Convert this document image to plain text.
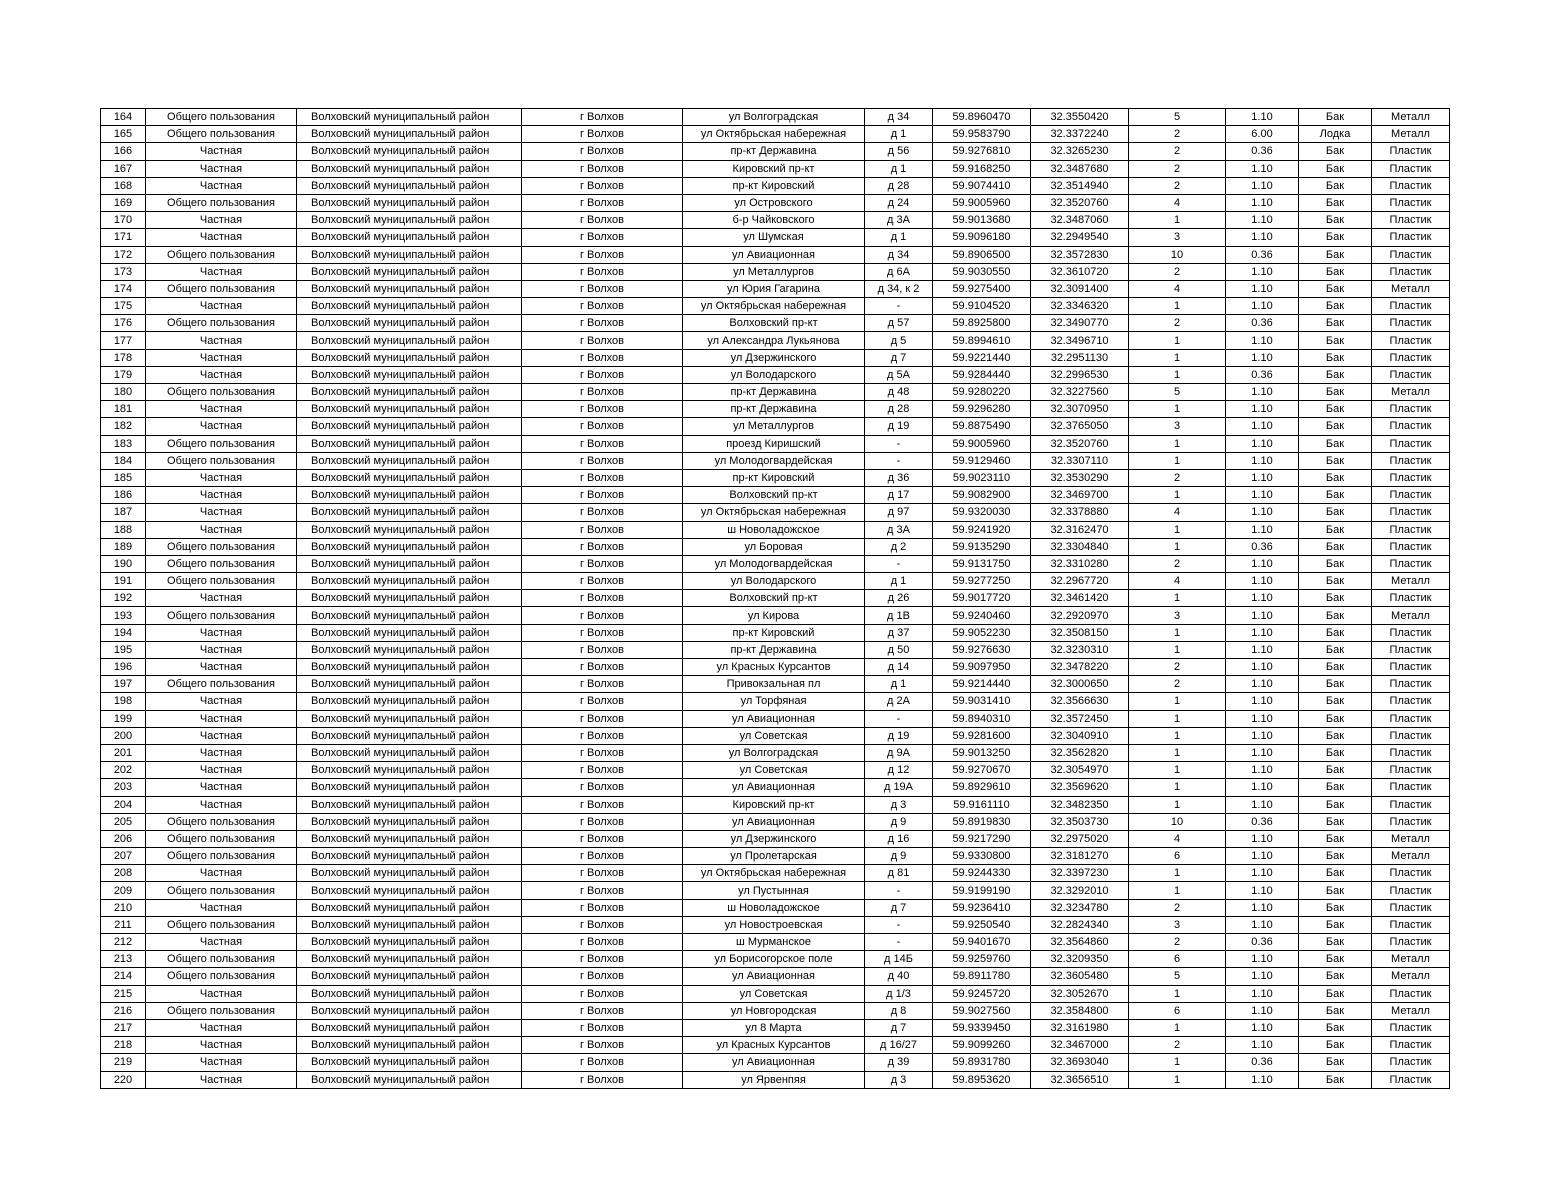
164	Общего пользования	Волховский муниципальный район	г Волхов	ул Волгоградская	д 34	59.8960470	32.3550420	5	1.10	Бак	Металл
165	Общего пользования	Волховский муниципальный район	г Волхов	ул Октябрьская набережная	д 1	59.9583790	32.3372240	2	6.00	Лодка	Металл
166	Частная	Волховский муниципальный район	г Волхов	пр-кт Державина	д 56	59.9276810	32.3265230	2	0.36	Бак	Пластик
167	Частная	Волховский муниципальный район	г Волхов	Кировский пр-кт	д 1	59.9168250	32.3487680	2	1.10	Бак	Пластик
168	Частная	Волховский муниципальный район	г Волхов	пр-кт Кировский	д 28	59.9074410	32.3514940	2	1.10	Бак	Пластик
169	Общего пользования	Волховский муниципальный район	г Волхов	ул Островского	д 24	59.9005960	32.3520760	4	1.10	Бак	Пластик
170	Частная	Волховский муниципальный район	г Волхов	б-р Чайковского	д 3А	59.9013680	32.3487060	1	1.10	Бак	Пластик
171	Частная	Волховский муниципальный район	г Волхов	ул Шумская	д 1	59.9096180	32.2949540	3	1.10	Бак	Пластик
172	Общего пользования	Волховский муниципальный район	г Волхов	ул Авиационная	д 34	59.8906500	32.3572830	10	0.36	Бак	Пластик
173	Частная	Волховский муниципальный район	г Волхов	ул Металлургов	д 6А	59.9030550	32.3610720	2	1.10	Бак	Пластик
174	Общего пользования	Волховский муниципальный район	г Волхов	ул Юрия Гагарина	д 34, к 2	59.9275400	32.3091400	4	1.10	Бак	Металл
175	Частная	Волховский муниципальный район	г Волхов	ул Октябрьская набережная	-	59.9104520	32.3346320	1	1.10	Бак	Пластик
176	Общего пользования	Волховский муниципальный район	г Волхов	Волховский пр-кт	д 57	59.8925800	32.3490770	2	0.36	Бак	Пластик
177	Частная	Волховский муниципальный район	г Волхов	ул Александра Лукьянова	д 5	59.8994610	32.3496710	1	1.10	Бак	Пластик
178	Частная	Волховский муниципальный район	г Волхов	ул Дзержинского	д 7	59.9221440	32.2951130	1	1.10	Бак	Пластик
179	Частная	Волховский муниципальный район	г Волхов	ул Володарского	д 5А	59.9284440	32.2996530	1	0.36	Бак	Пластик
180	Общего пользования	Волховский муниципальный район	г Волхов	пр-кт Державина	д 48	59.9280220	32.3227560	5	1.10	Бак	Металл
181	Частная	Волховский муниципальный район	г Волхов	пр-кт Державина	д 28	59.9296280	32.3070950	1	1.10	Бак	Пластик
182	Частная	Волховский муниципальный район	г Волхов	ул Металлургов	д 19	59.8875490	32.3765050	3	1.10	Бак	Пластик
183	Общего пользования	Волховский муниципальный район	г Волхов	проезд Киришский	-	59.9005960	32.3520760	1	1.10	Бак	Пластик
184	Общего пользования	Волховский муниципальный район	г Волхов	ул Молодогвардейская	-	59.9129460	32.3307110	1	1.10	Бак	Пластик
185	Частная	Волховский муниципальный район	г Волхов	пр-кт Кировский	д 36	59.9023110	32.3530290	2	1.10	Бак	Пластик
186	Частная	Волховский муниципальный район	г Волхов	Волховский пр-кт	д 17	59.9082900	32.3469700	1	1.10	Бак	Пластик
187	Частная	Волховский муниципальный район	г Волхов	ул Октябрьская набережная	д 97	59.9320030	32.3378880	4	1.10	Бак	Пластик
188	Частная	Волховский муниципальный район	г Волхов	ш Новоладожское	д 3А	59.9241920	32.3162470	1	1.10	Бак	Пластик
189	Общего пользования	Волховский муниципальный район	г Волхов	ул Боровая	д 2	59.9135290	32.3304840	1	0.36	Бак	Пластик
190	Общего пользования	Волховский муниципальный район	г Волхов	ул Молодогвардейская	-	59.9131750	32.3310280	2	1.10	Бак	Пластик
191	Общего пользования	Волховский муниципальный район	г Волхов	ул Володарского	д 1	59.9277250	32.2967720	4	1.10	Бак	Металл
192	Частная	Волховский муниципальный район	г Волхов	Волховский пр-кт	д 26	59.9017720	32.3461420	1	1.10	Бак	Пластик
193	Общего пользования	Волховский муниципальный район	г Волхов	ул Кирова	д 1В	59.9240460	32.2920970	3	1.10	Бак	Металл
194	Частная	Волховский муниципальный район	г Волхов	пр-кт Кировский	д 37	59.9052230	32.3508150	1	1.10	Бак	Пластик
195	Частная	Волховский муниципальный район	г Волхов	пр-кт Державина	д 50	59.9276630	32.3230310	1	1.10	Бак	Пластик
196	Частная	Волховский муниципальный район	г Волхов	ул Красных Курсантов	д 14	59.9097950	32.3478220	2	1.10	Бак	Пластик
197	Общего пользования	Волховский муниципальный район	г Волхов	Привокзальная пл	д 1	59.9214440	32.3000650	2	1.10	Бак	Пластик
198	Частная	Волховский муниципальный район	г Волхов	ул Торфяная	д 2А	59.9031410	32.3566630	1	1.10	Бак	Пластик
199	Частная	Волховский муниципальный район	г Волхов	ул Авиационная	-	59.8940310	32.3572450	1	1.10	Бак	Пластик
200	Частная	Волховский муниципальный район	г Волхов	ул Советская	д 19	59.9281600	32.3040910	1	1.10	Бак	Пластик
201	Частная	Волховский муниципальный район	г Волхов	ул Волгоградская	д 9А	59.9013250	32.3562820	1	1.10	Бак	Пластик
202	Частная	Волховский муниципальный район	г Волхов	ул Советская	д 12	59.9270670	32.3054970	1	1.10	Бак	Пластик
203	Частная	Волховский муниципальный район	г Волхов	ул Авиационная	д 19А	59.8929610	32.3569620	1	1.10	Бак	Пластик
204	Частная	Волховский муниципальный район	г Волхов	Кировский пр-кт	д 3	59.9161110	32.3482350	1	1.10	Бак	Пластик
205	Общего пользования	Волховский муниципальный район	г Волхов	ул Авиационная	д 9	59.8919830	32.3503730	10	0.36	Бак	Пластик
206	Общего пользования	Волховский муниципальный район	г Волхов	ул Дзержинского	д 16	59.9217290	32.2975020	4	1.10	Бак	Металл
207	Общего пользования	Волховский муниципальный район	г Волхов	ул Пролетарская	д 9	59.9330800	32.3181270	6	1.10	Бак	Металл
208	Частная	Волховский муниципальный район	г Волхов	ул Октябрьская набережная	д 81	59.9244330	32.3397230	1	1.10	Бак	Пластик
209	Общего пользования	Волховский муниципальный район	г Волхов	ул Пустынная	-	59.9199190	32.3292010	1	1.10	Бак	Пластик
210	Частная	Волховский муниципальный район	г Волхов	ш Новоладожское	д 7	59.9236410	32.3234780	2	1.10	Бак	Пластик
211	Общего пользования	Волховский муниципальный район	г Волхов	ул Новостроевская	-	59.9250540	32.2824340	3	1.10	Бак	Пластик
212	Частная	Волховский муниципальный район	г Волхов	ш Мурманское	-	59.9401670	32.3564860	2	0.36	Бак	Пластик
213	Общего пользования	Волховский муниципальный район	г Волхов	ул Борисогорское поле	д 14Б	59.9259760	32.3209350	6	1.10	Бак	Металл
214	Общего пользования	Волховский муниципальный район	г Волхов	ул Авиационная	д 40	59.8911780	32.3605480	5	1.10	Бак	Металл
215	Частная	Волховский муниципальный район	г Волхов	ул Советская	д 1/3	59.9245720	32.3052670	1	1.10	Бак	Пластик
216	Общего пользования	Волховский муниципальный район	г Волхов	ул Новгородская	д 8	59.9027560	32.3584800	6	1.10	Бак	Металл
217	Частная	Волховский муниципальный район	г Волхов	ул 8 Марта	д 7	59.9339450	32.3161980	1	1.10	Бак	Пластик
218	Частная	Волховский муниципальный район	г Волхов	ул Красных Курсантов	д 16/27	59.9099260	32.3467000	2	1.10	Бак	Пластик
219	Частная	Волховский муниципальный район	г Волхов	ул Авиационная	д 39	59.8931780	32.3693040	1	0.36	Бак	Пластик
220	Частная	Волховский муниципальный район	г Волхов	ул Ярвенпяя	д 3	59.8953620	32.3656510	1	1.10	Бак	Пластик
